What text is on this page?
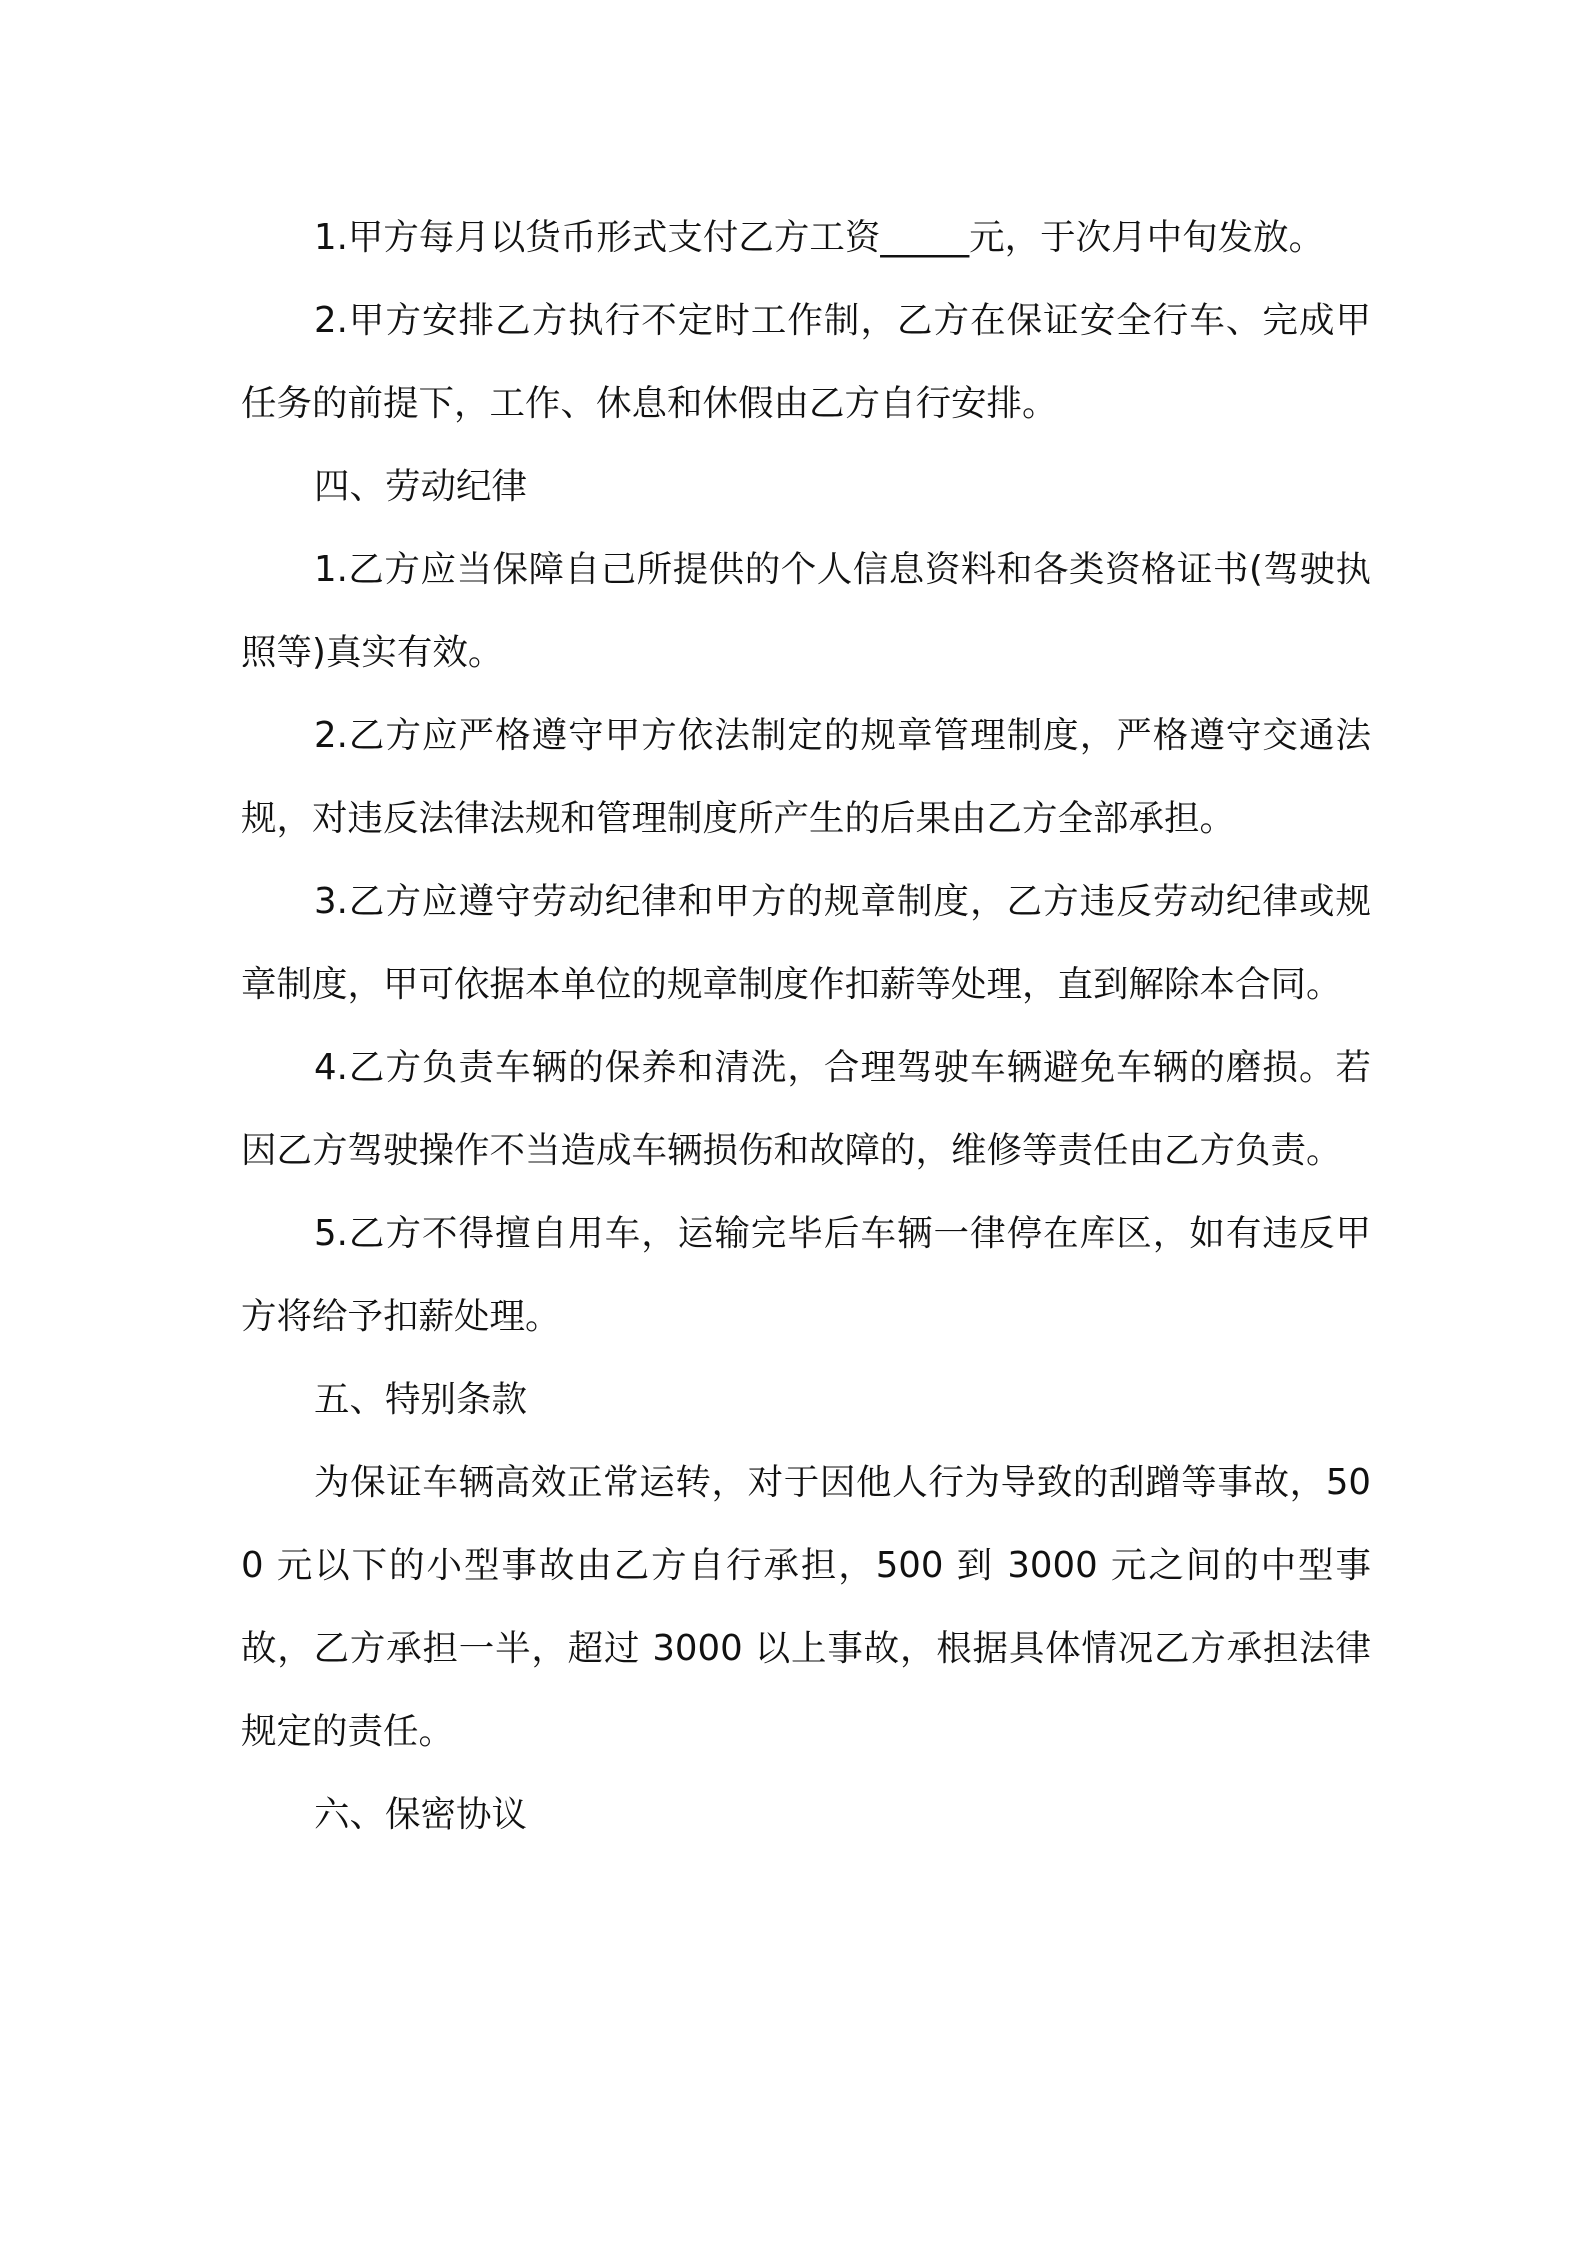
1.甲方每月以货币形式支付乙方工资_____元，于次月中旬发放。

2.甲方安排乙方执行不定时工作制，乙方在保证安全行车、完成甲任务的前提下，工作、休息和休假由乙方自行安排。

四、劳动纪律

1.乙方应当保障自己所提供的个人信息资料和各类资格证书(驾驶执照等)真实有效。

2.乙方应严格遵守甲方依法制定的规章管理制度，严格遵守交通法规，对违反法律法规和管理制度所产生的后果由乙方全部承担。

3.乙方应遵守劳动纪律和甲方的规章制度，乙方违反劳动纪律或规章制度，甲可依据本单位的规章制度作扣薪等处理，直到解除本合同。

4.乙方负责车辆的保养和清洗，合理驾驶车辆避免车辆的磨损。若因乙方驾驶操作不当造成车辆损伤和故障的，维修等责任由乙方负责。

5.乙方不得擅自用车，运输完毕后车辆一律停在库区，如有违反甲方将给予扣薪处理。

五、特别条款

为保证车辆高效正常运转，对于因他人行为导致的刮蹭等事故，500 元以下的小型事故由乙方自行承担，500 到 3000 元之间的中型事故，乙方承担一半，超过 3000 以上事故，根据具体情况乙方承担法律规定的责任。

六、保密协议
